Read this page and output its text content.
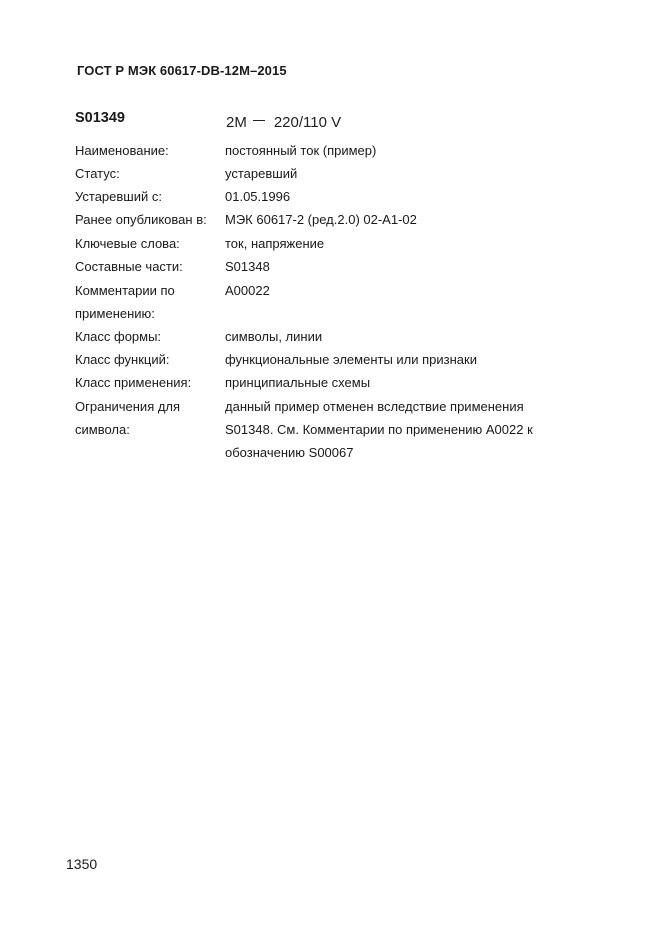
ГОСТ Р МЭК 60617-DB-12M–2015
S01349	2M 220/110 V
Наименование:	постоянный ток (пример)
Статус:	устаревший
Устаревший с:	01.05.1996
Ранее опубликован в:	МЭК 60617-2 (ред.2.0) 02-А1-02
Ключевые слова:	ток, напряжение
Составные части:	S01348
Комментарии по
применению:
A00022
Класс формы:	символы, линии
Класс функций:	функциональные элементы или признаки
Класс применения:	принципиальные схемы
Ограничения для
символа:
данный пример отменен вследствие применения
S01348. См. Комментарии по применению A0022 к
обозначению S00067
1350
